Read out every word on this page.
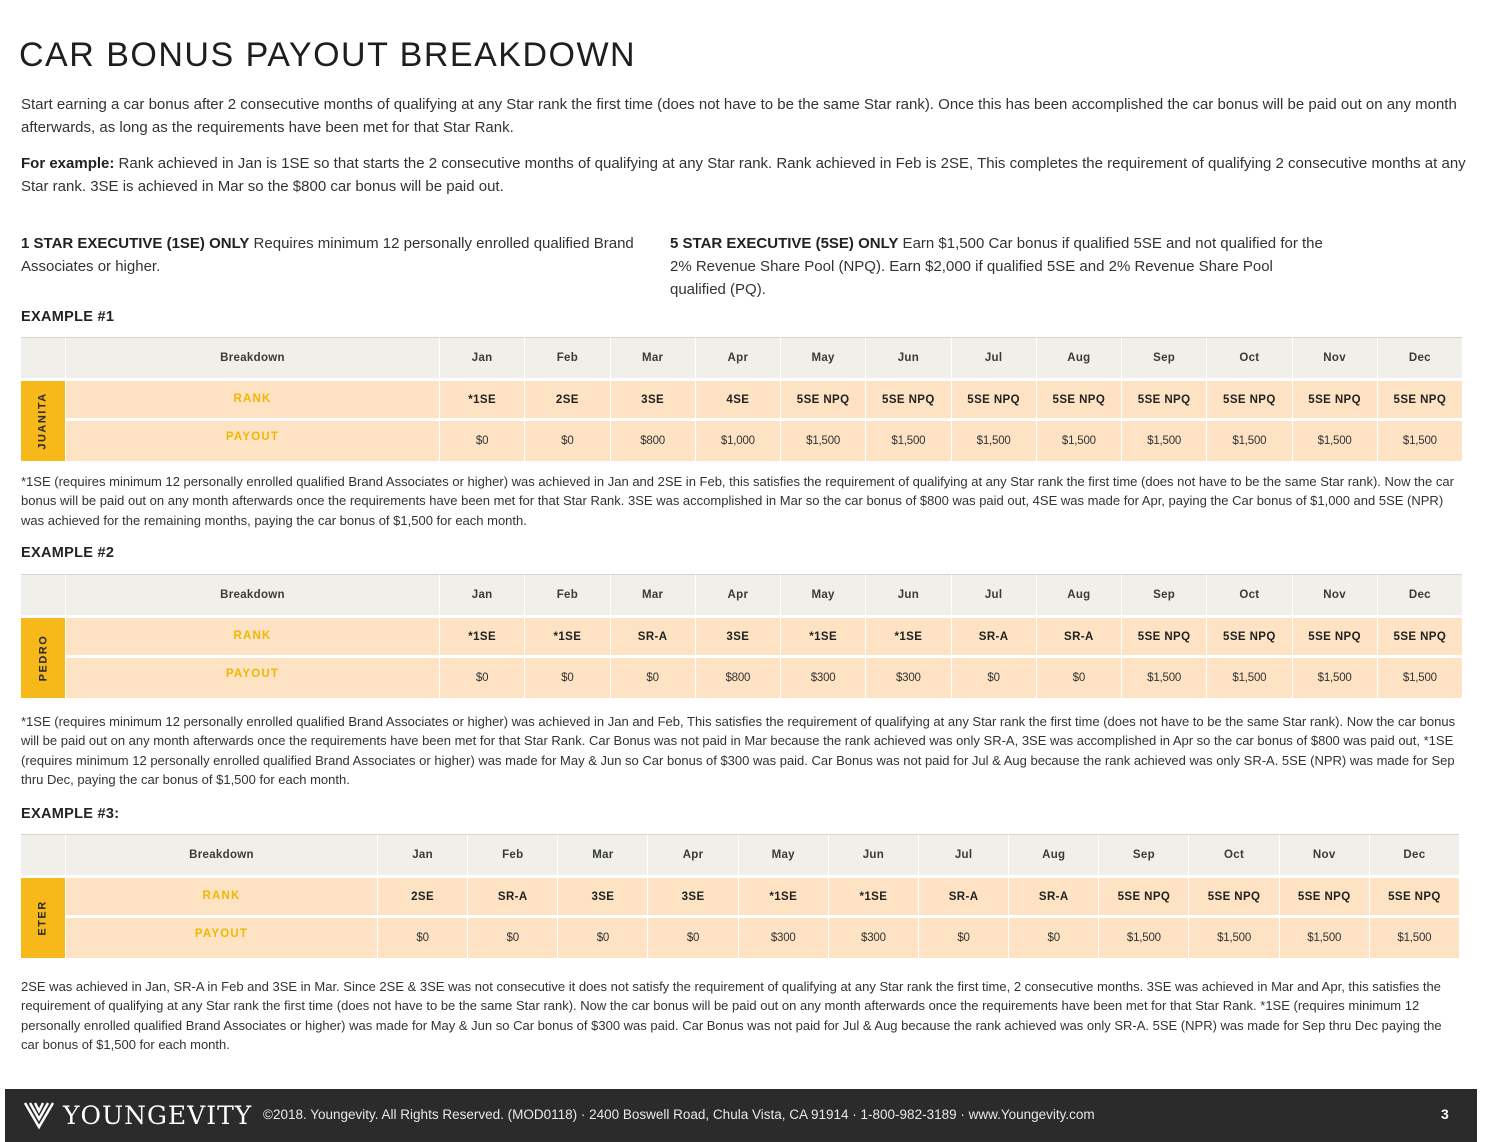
CAR BONUS PAYOUT BREAKDOWN

Start earning a car bonus after 2 consecutive months of qualifying at any Star rank the first time (does not have to be the same Star rank). Once this has been accomplished the car bonus will be paid out on any month afterwards, as long as the requirements have been met for that Star Rank.

For example: Rank achieved in Jan is 1SE so that starts the 2 consecutive months of qualifying at any Star rank. Rank achieved in Feb is 2SE, This completes the requirement of qualifying 2 consecutive months at any Star rank. 3SE is achieved in Mar so the $800 car bonus will be paid out.

1 STAR EXECUTIVE (1SE) ONLY Requires minimum 12 personally enrolled qualified Brand Associates or higher.

5 STAR EXECUTIVE (5SE) ONLY Earn $1,500 Car bonus if qualified 5SE and not qualified for the 2% Revenue Share Pool (NPQ). Earn $2,000 if qualified 5SE and 2% Revenue Share Pool qualified (PQ).

EXAMPLE #1
Breakdown	Jan	Feb	Mar	Apr	May	Jun	Jul	Aug	Sep	Oct	Nov	Dec
JUANITA	RANK	*1SE	2SE	3SE	4SE	5SE NPQ	5SE NPQ	5SE NPQ	5SE NPQ	5SE NPQ	5SE NPQ	5SE NPQ	5SE NPQ
PAYOUT	$0	$0	$800	$1,000	$1,500	$1,500	$1,500	$1,500	$1,500	$1,500	$1,500	$1,500

*1SE (requires minimum 12 personally enrolled qualified Brand Associates or higher) was achieved in Jan and 2SE in Feb, this satisfies the requirement of qualifying at any Star rank the first time (does not have to be the same Star rank). Now the car bonus will be paid out on any month afterwards once the requirements have been met for that Star Rank. 3SE was accomplished in Mar so the car bonus of $800 was paid out, 4SE was made for Apr, paying the Car bonus of $1,000 and 5SE (NPR) was achieved for the remaining months, paying the car bonus of $1,500 for each month.

EXAMPLE #2
Breakdown	Jan	Feb	Mar	Apr	May	Jun	Jul	Aug	Sep	Oct	Nov	Dec
PEDRO	RANK	*1SE	*1SE	SR-A	3SE	*1SE	*1SE	SR-A	SR-A	5SE NPQ	5SE NPQ	5SE NPQ	5SE NPQ
PAYOUT	$0	$0	$0	$800	$300	$300	$0	$0	$1,500	$1,500	$1,500	$1,500

*1SE (requires minimum 12 personally enrolled qualified Brand Associates or higher) was achieved in Jan and Feb, This satisfies the requirement of qualifying at any Star rank the first time (does not have to be the same Star rank). Now the car bonus will be paid out on any month afterwards once the requirements have been met for that Star Rank. Car Bonus was not paid in Mar because the rank achieved was only SR-A, 3SE was accomplished in Apr so the car bonus of $800 was paid out, *1SE (requires minimum 12 personally enrolled qualified Brand Associates or higher) was made for May & Jun so Car bonus of $300 was paid. Car Bonus was not paid for Jul & Aug because the rank achieved was only SR-A. 5SE (NPR) was made for Sep thru Dec, paying the car bonus of $1,500 for each month.

EXAMPLE #3:
Breakdown	Jan	Feb	Mar	Apr	May	Jun	Jul	Aug	Sep	Oct	Nov	Dec
ETER
RANK	2SE	SR-A	3SE	3SE	*1SE	*1SE	SR-A	SR-A	5SE NPQ	5SE NPQ	5SE NPQ	5SE NPQ
PAYOUT	$0	$0	$0	$0	$300	$300	$0	$0	$1,500	$1,500	$1,500	$1,500

2SE was achieved in Jan, SR-A in Feb and 3SE in Mar. Since 2SE & 3SE was not consecutive it does not satisfy the requirement of qualifying at any Star rank the first time, 2 consecutive months. 3SE was achieved in Mar and Apr, this satisfies the requirement of qualifying at any Star rank the first time (does not have to be the same Star rank). Now the car bonus will be paid out on any month afterwards once the requirements have been met for that Star Rank. *1SE (requires minimum 12 personally enrolled qualified Brand Associates or higher) was made for May & Jun so Car bonus of $300 was paid. Car Bonus was not paid for Jul & Aug because the rank achieved was only SR-A. 5SE (NPR) was made for Sep thru Dec paying the car bonus of $1,500 for each month.

YOUNGEVITY ©2018. Youngevity. All Rights Reserved. (MOD0118) · 2400 Boswell Road, Chula Vista, CA 91914 · 1-800-982-3189 · www.Youngevity.com	3
